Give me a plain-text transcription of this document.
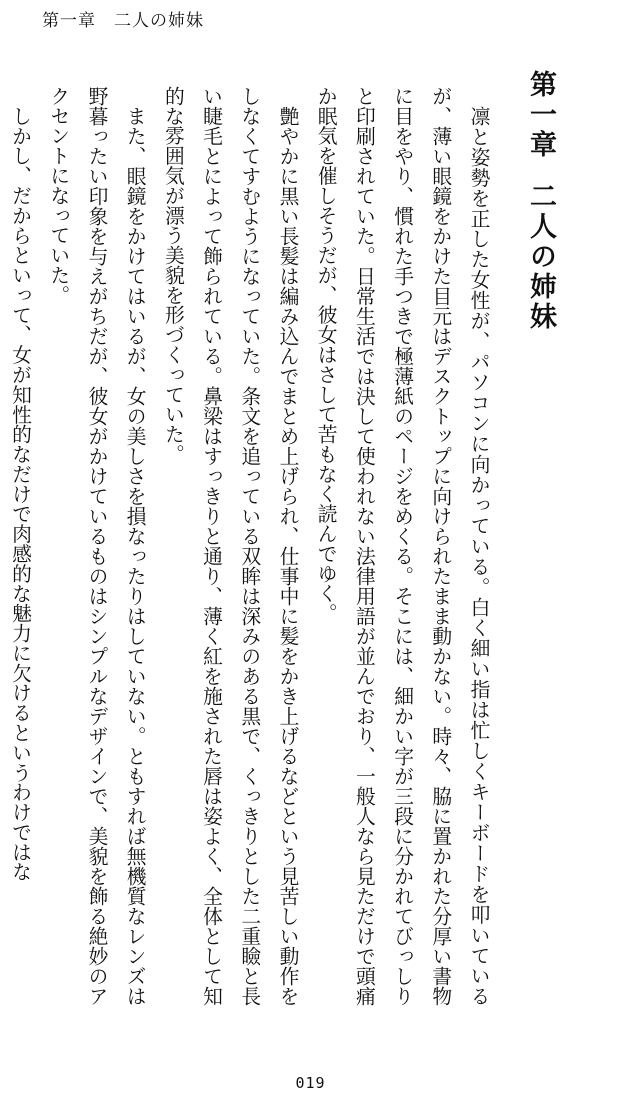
第一章 二人の姉妹
第一章二人の姉妹

凛と姿勢を正した女性が、パソコンに向かっている。白く細い指は忙しくキーボードを叩いているが、薄い眼鏡をかけた目元はデスクトップに向けられたまま動かない。時々、脇に置かれた分厚い書物に目をやり、慣れた手つきで極薄紙のページをめくる。そこには、細かい字が三段に分かれてびっしりと印刷されていた。日常生活では決して使われない法律用語が並んでおり、一般人なら見ただけで頭痛か眠気を催しそうだが、彼女はさして苦もなく読んでゆく。

艶やかに黒い長髪は編み込んでまとめ上げられ、仕事中に髪をかき上げるなどという見苦しい動作をしなくてすむようになっていた。条文を追っている双眸は深みのある黒で、くっきりとした二重瞼と長い睫毛とによって飾られている。鼻梁はすっきりと通り、薄く紅を施された唇は姿よく、全体として知的な雰囲気が漂う美貌を形づくっていた。

また、眼鏡をかけてはいるが、女の美しさを損なったりはしていない。ともすれば無機質なレンズは野暮ったい印象を与えがちだが、彼女がかけているものはシンプルなデザインで、美貌を飾る絶妙のアクセントになっていた。

しかし、だからといって、女が知性的なだけで肉感的な魅力に欠けるというわけではな

019
